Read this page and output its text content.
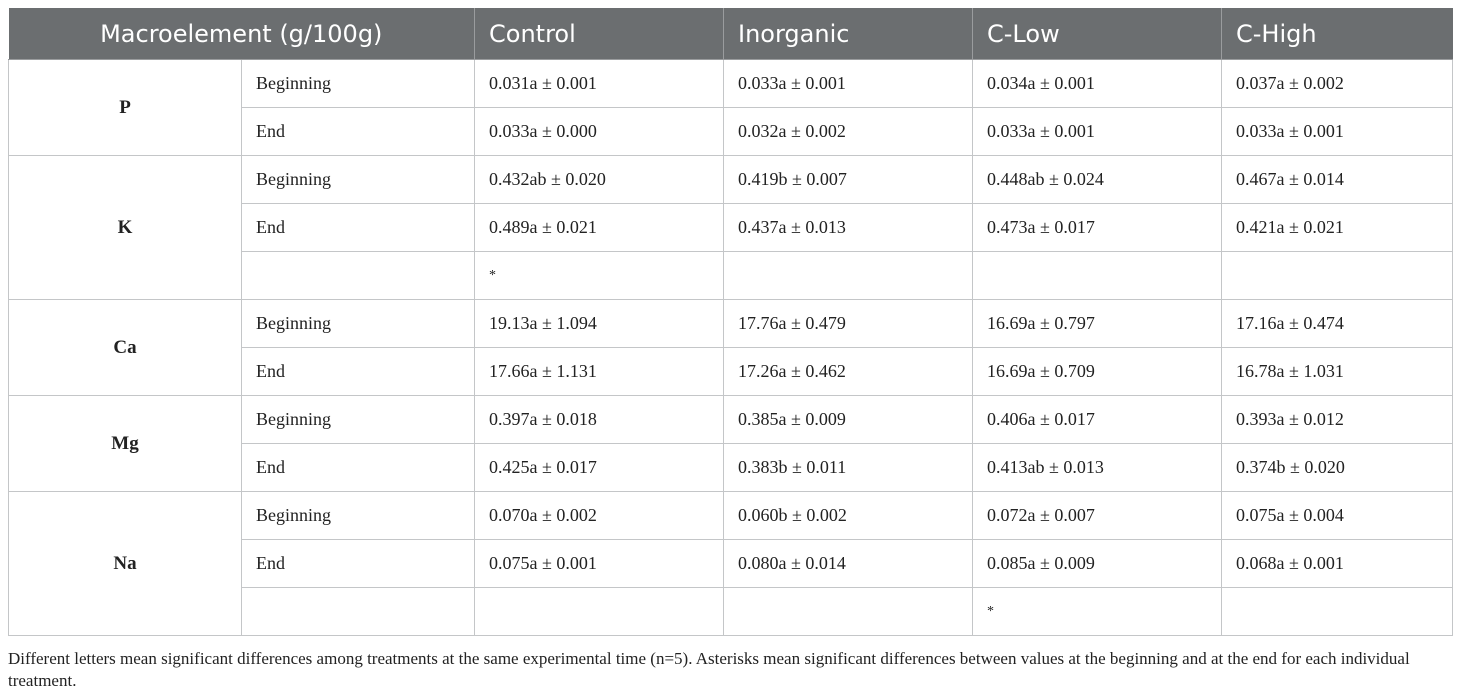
Macroelement (g/100g)		Control	Inorganic	C-Low	C-High
P	Beginning	0.031a ± 0.001	0.033a ± 0.001	0.034a ± 0.001	0.037a ± 0.002
	End	0.033a ± 0.000	0.032a ± 0.002	0.033a ± 0.001	0.033a ± 0.001
K	Beginning	0.432ab ± 0.020	0.419b ± 0.007	0.448ab ± 0.024	0.467a ± 0.014
	End	0.489a ± 0.021	0.437a ± 0.013	0.473a ± 0.017	0.421a ± 0.021
		*			
Ca	Beginning	19.13a ± 1.094	17.76a ± 0.479	16.69a ± 0.797	17.16a ± 0.474
	End	17.66a ± 1.131	17.26a ± 0.462	16.69a ± 0.709	16.78a ± 1.031
Mg	Beginning	0.397a ± 0.018	0.385a ± 0.009	0.406a ± 0.017	0.393a ± 0.012
	End	0.425a ± 0.017	0.383b ± 0.011	0.413ab ± 0.013	0.374b ± 0.020
Na	Beginning	0.070a ± 0.002	0.060b ± 0.002	0.072a ± 0.007	0.075a ± 0.004
	End	0.075a ± 0.001	0.080a ± 0.014	0.085a ± 0.009	0.068a ± 0.001
				*	
Different letters mean significant differences among treatments at the same experimental time (n=5). Asterisks mean significant differences between values at the beginning and at the end for each individual treatment.
